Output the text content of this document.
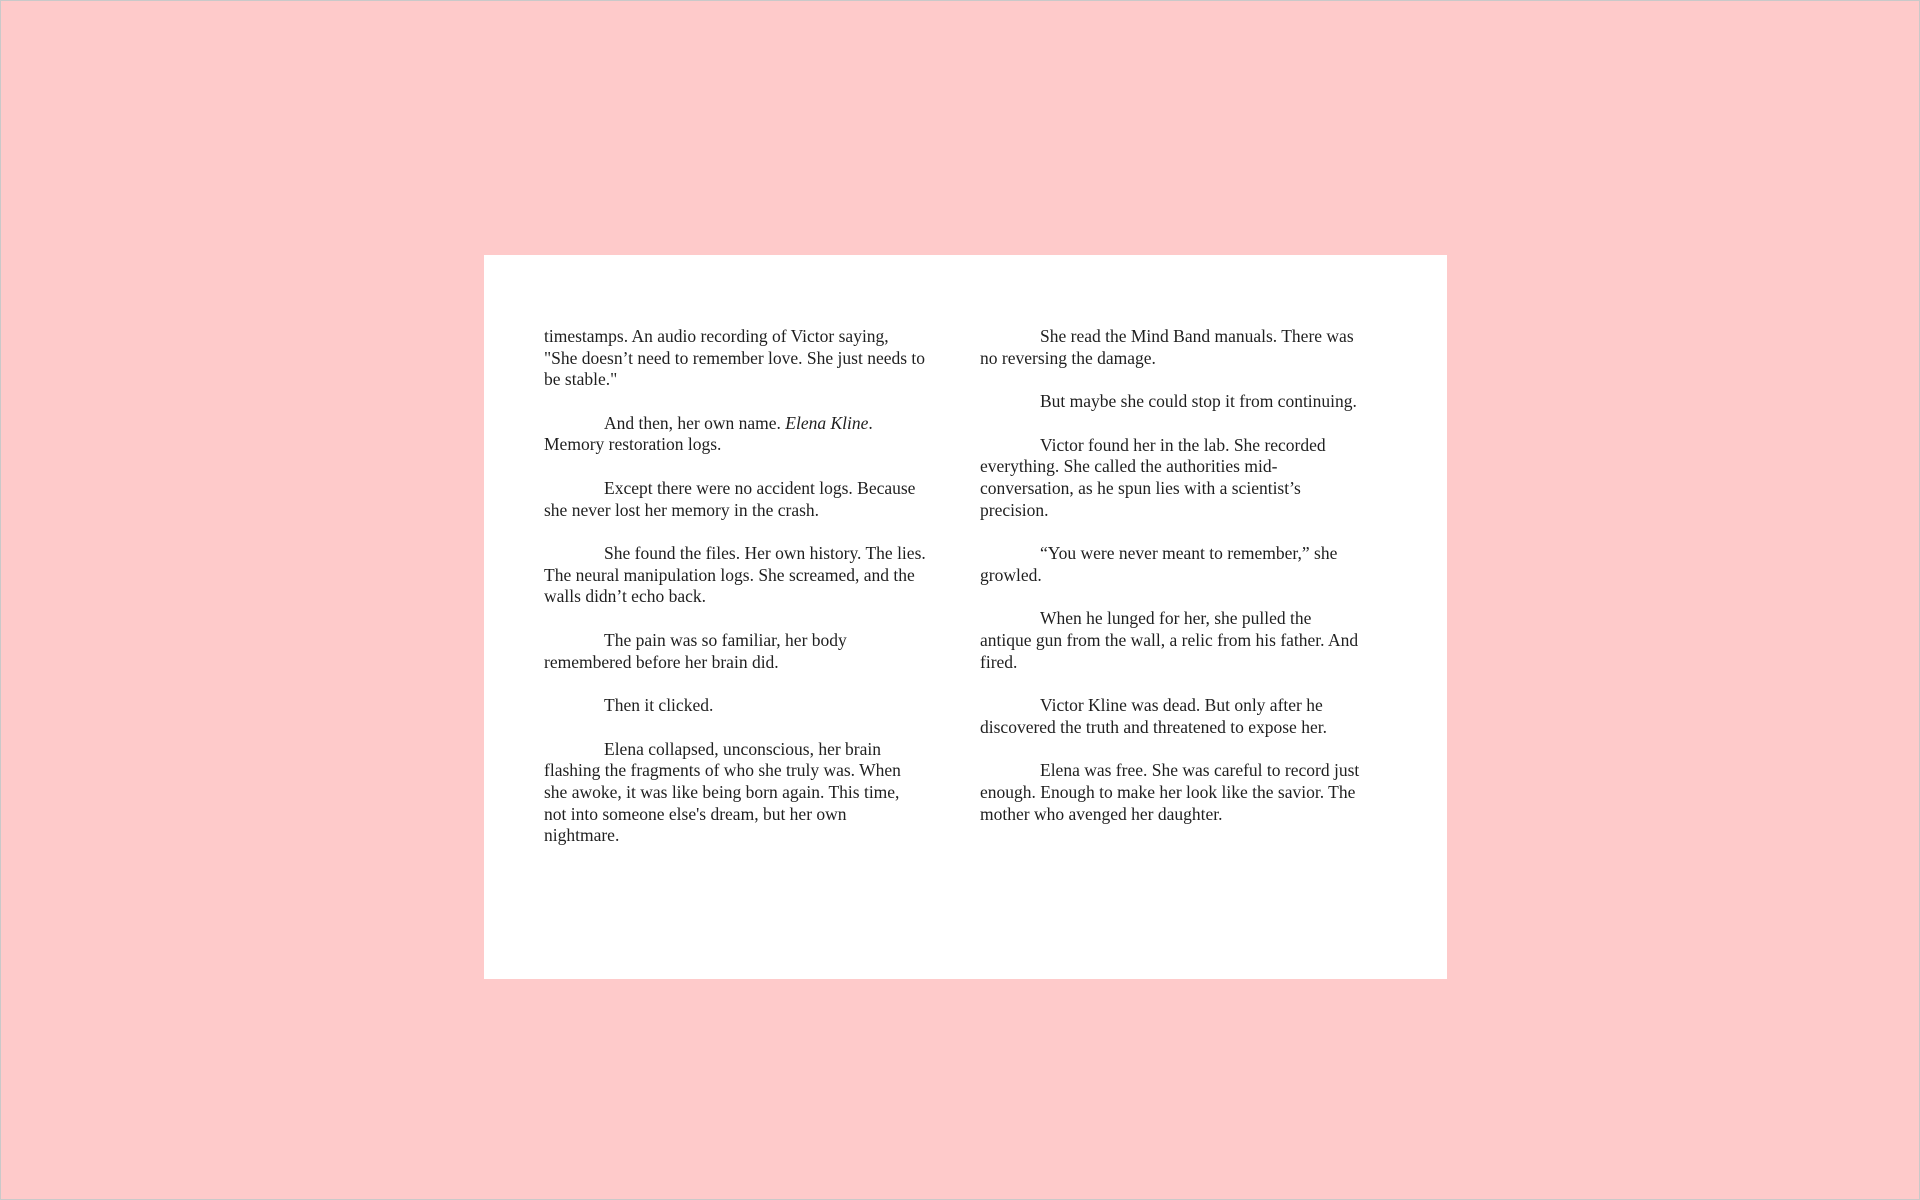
timestamps. An audio recording of Victor saying, "She doesn’t need to remember love. She just needs to be stable."

And then, her own name. Elena Kline. Memory restoration logs.

Except there were no accident logs. Because she never lost her memory in the crash.

She found the files. Her own history. The lies. The neural manipulation logs. She screamed, and the walls didn’t echo back.

The pain was so familiar, her body remembered before her brain did.

Then it clicked.

Elena collapsed, unconscious, her brain flashing the fragments of who she truly was. When she awoke, it was like being born again. This time, not into someone else's dream, but her own nightmare.

She read the Mind Band manuals. There was no reversing the damage.

But maybe she could stop it from continuing.

Victor found her in the lab. She recorded everything. She called the authorities mid-conversation, as he spun lies with a scientist’s precision.

“You were never meant to remember,” she growled.

When he lunged for her, she pulled the antique gun from the wall, a relic from his father. And fired.

Victor Kline was dead. But only after he discovered the truth and threatened to expose her.

Elena was free. She was careful to record just enough. Enough to make her look like the savior. The mother who avenged her daughter.
